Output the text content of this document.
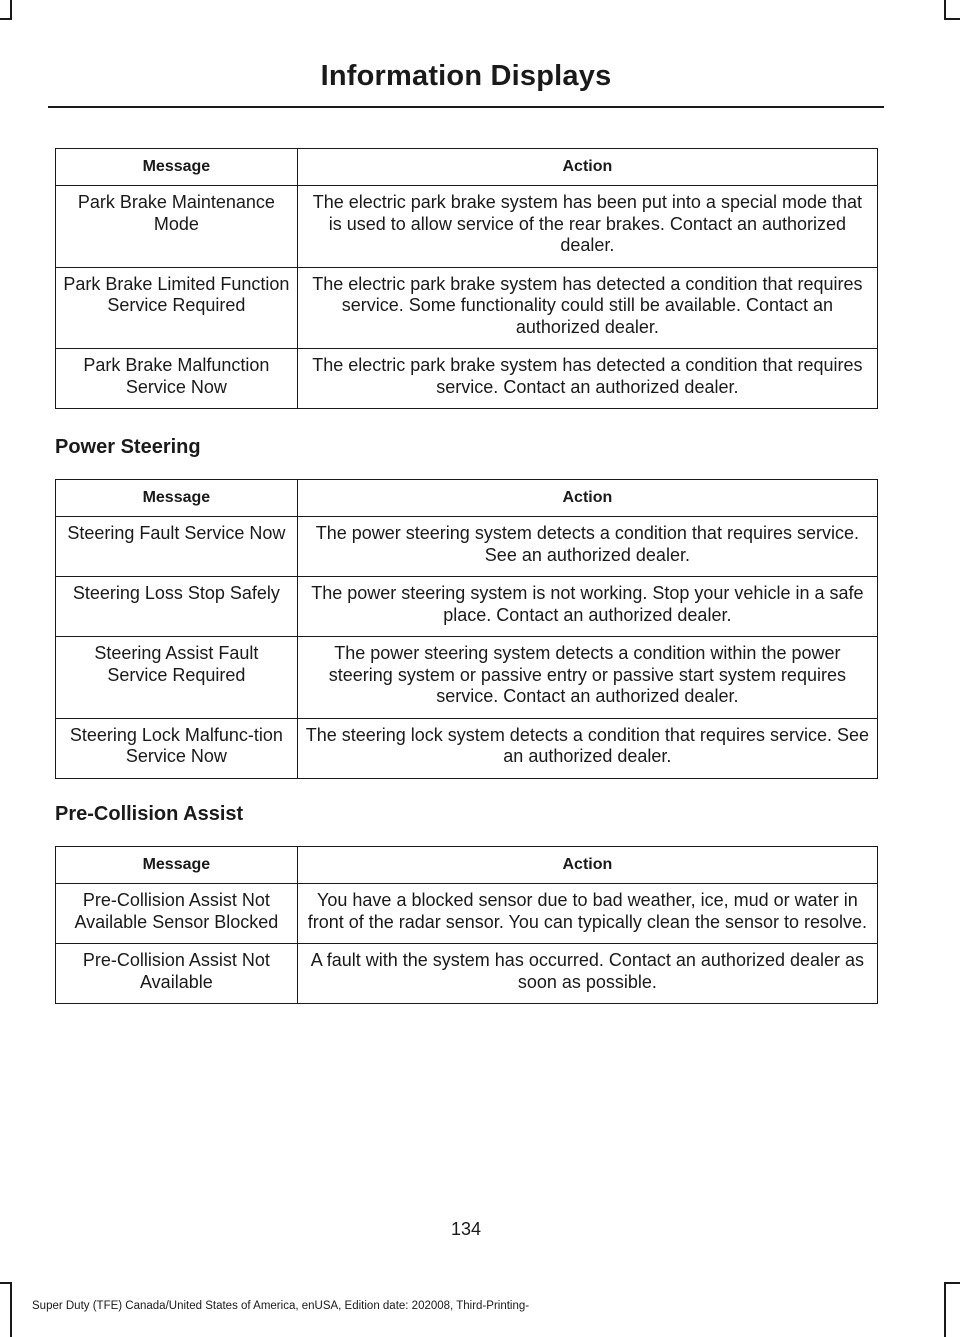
Information Displays
Message	Action
Park Brake Maintenance Mode	The electric park brake system has been put into a special mode that is used to allow service of the rear brakes. Contact an authorized dealer.
Park Brake Limited Function Service Required	The electric park brake system has detected a condition that requires service. Some functionality could still be available. Contact an authorized dealer.
Park Brake Malfunction Service Now	The electric park brake system has detected a condition that requires service. Contact an authorized dealer.
Power Steering
Message	Action
Steering Fault Service Now	The power steering system detects a condition that requires service. See an authorized dealer.
Steering Loss Stop Safely	The power steering system is not working. Stop your vehicle in a safe place. Contact an authorized dealer.
Steering Assist Fault Service Required	The power steering system detects a condition within the power steering system or passive entry or passive start system requires service. Contact an authorized dealer.
Steering Lock Malfunc-tion Service Now	The steering lock system detects a condition that requires service. See an authorized dealer.
Pre-Collision Assist
Message	Action
Pre-Collision Assist Not Available Sensor Blocked	You have a blocked sensor due to bad weather, ice, mud or water in front of the radar sensor. You can typically clean the sensor to resolve.
Pre-Collision Assist Not Available	A fault with the system has occurred. Contact an authorized dealer as soon as possible.
134
Super Duty (TFE) Canada/United States of America, enUSA, Edition date: 202008, Third-Printing-
